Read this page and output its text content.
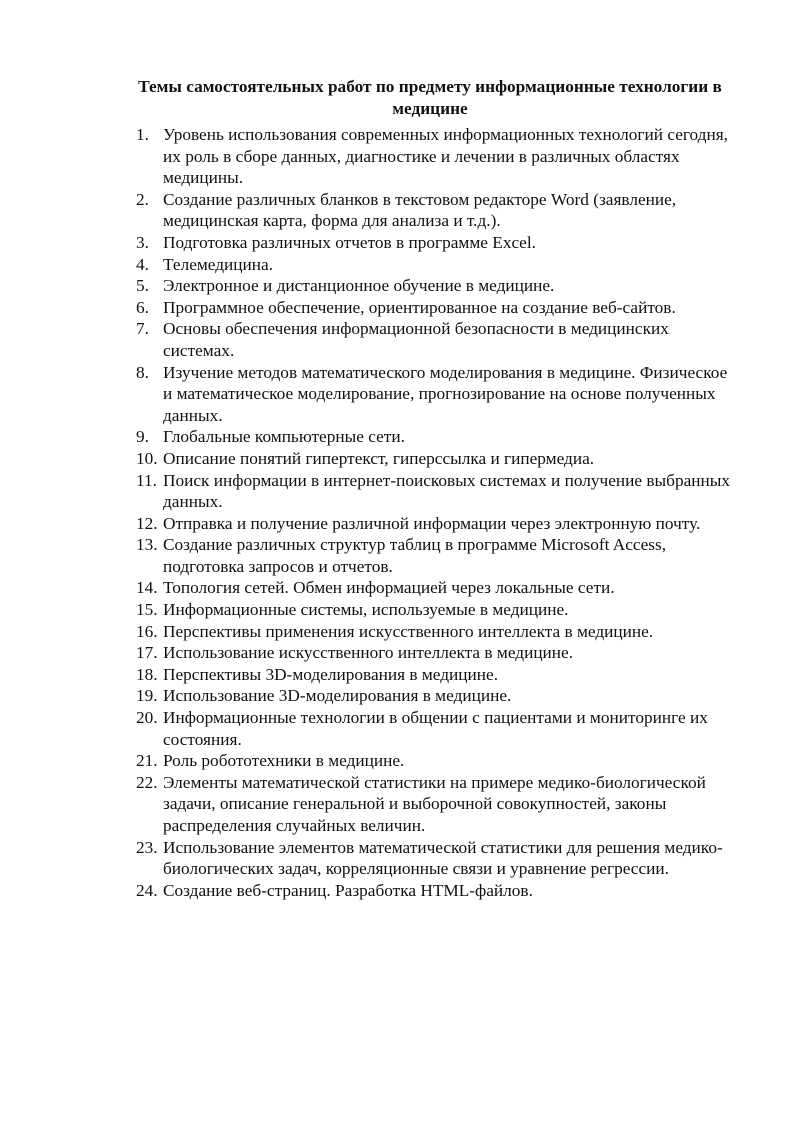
Темы самостоятельных работ по предмету информационные технологии в медицине
1. Уровень использования современных информационных технологий сегодня, их роль в сборе данных, диагностике и лечении в различных областях медицины.
2. Создание различных бланков в текстовом редакторе Word (заявление, медицинская карта, форма для анализа и т.д.).
3. Подготовка различных отчетов в программе Excel.
4. Телемедицина.
5. Электронное и дистанционное обучение в медицине.
6. Программное обеспечение, ориентированное на создание веб-сайтов.
7. Основы обеспечения информационной безопасности в медицинских системах.
8. Изучение методов математического моделирования в медицине. Физическое и математическое моделирование, прогнозирование на основе полученных данных.
9. Глобальные компьютерные сети.
10. Описание понятий гипертекст, гиперссылка и гипермедиа.
11. Поиск информации в интернет-поисковых системах и получение выбранных данных.
12. Отправка и получение различной информации через электронную почту.
13. Создание различных структур таблиц в программе Microsoft Access, подготовка запросов и отчетов.
14. Топология сетей. Обмен информацией через локальные сети.
15. Информационные системы, используемые в медицине.
16. Перспективы применения искусственного интеллекта в медицине.
17. Использование искусственного интеллекта в медицине.
18. Перспективы 3D-моделирования в медицине.
19. Использование 3D-моделирования в медицине.
20. Информационные технологии в общении с пациентами и мониторинге их состояния.
21. Роль робототехники в медицине.
22. Элементы математической статистики на примере медико-биологической задачи, описание генеральной и выборочной совокупностей, законы распределения случайных величин.
23. Использование элементов математической статистики для решения медико-биологических задач, корреляционные связи и уравнение регрессии.
24. Создание веб-страниц. Разработка HTML-файлов.
